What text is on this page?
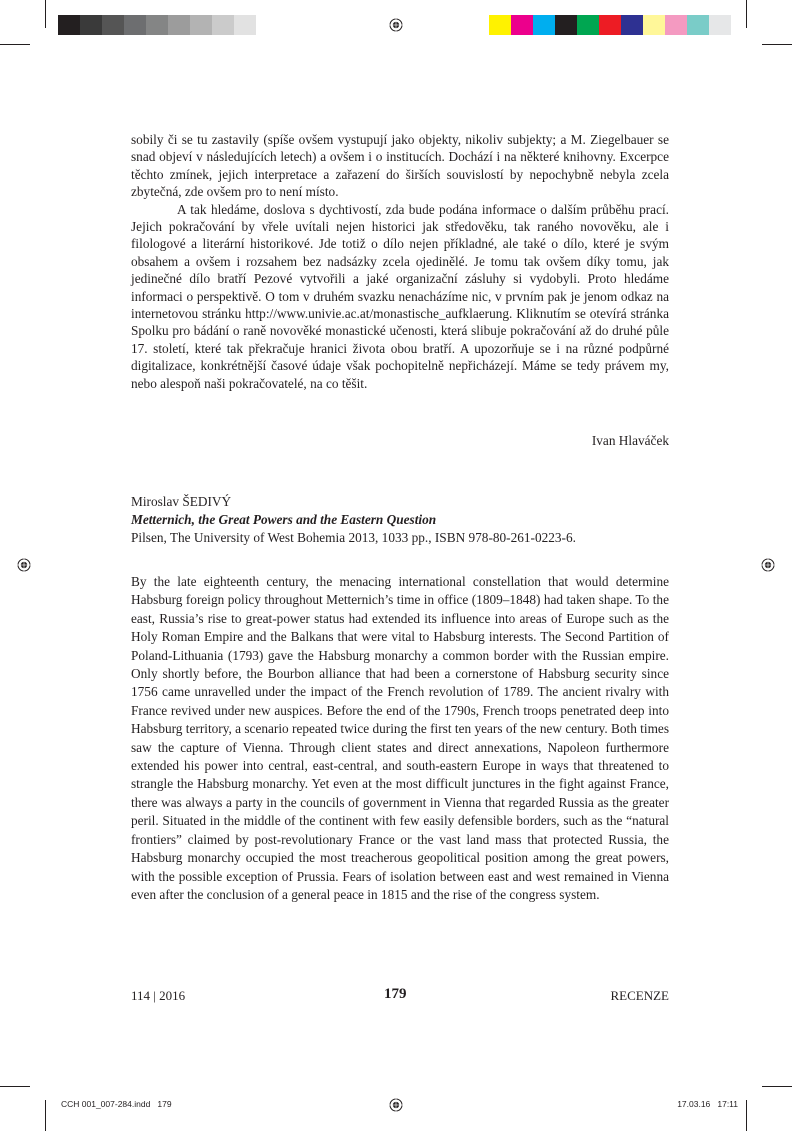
sobily či se tu zastavily (spíše ovšem vystupují jako objekty, nikoliv subjekty; a M. Ziegelbauer se snad objeví v následujících letech) a ovšem i o institucích. Dochází i na některé knihovny. Excerpce těchto zmínek, jejich interpretace a zařazení do širších souvislostí by nepochybně nebyla zcela zbytečná, zde ovšem pro to není místo.

A tak hledáme, doslova s dychtivostí, zda bude podána informace o dalším průběhu prací. Jejich pokračování by vřele uvítali nejen historici jak středověku, tak raného novověku, ale i filologové a literární historikové. Jde totiž o dílo nejen příkladné, ale také o dílo, které je svým obsahem a ovšem i rozsahem bez nadsázky zcela ojedinělé. Je tomu tak ovšem díky tomu, jak jedinečné dílo bratří Pezové vytvořili a jaké organizační zásluhy si vydobyli. Proto hledáme informaci o perspektivě. O tom v druhém svazku nenacházíme nic, v prvním pak je jenom odkaz na internetovou stránku http://www.univie.ac.at/monastische_aufklaerung. Kliknutím se otevírá stránka Spolku pro bádání o raně novověké monastické učenosti, která slibuje pokračování až do druhé půle 17. století, které tak překračuje hranici života obou bratří. A upozorňuje se i na různé podpůrné digitalizace, konkrétnější časové údaje však pochopitelně nepřicházejí. Máme se tedy právem my, nebo alespoň naši pokračovatelé, na co těšit.

Ivan Hlaváček
Miroslav ŠEDIVÝ
Metternich, the Great Powers and the Eastern Question
Pilsen, The University of West Bohemia 2013, 1033 pp., ISBN 978-80-261-0223-6.

By the late eighteenth century, the menacing international constellation that would determine Habsburg foreign policy throughout Metternich’s time in office (1809–1848) had taken shape. To the east, Russia’s rise to great-power status had extended its influence into areas of Europe such as the Holy Roman Empire and the Balkans that were vital to Habsburg interests. The Second Partition of Poland-Lithuania (1793) gave the Habsburg monarchy a common border with the Russian empire. Only shortly before, the Bourbon alliance that had been a cornerstone of Habsburg security since 1756 came unravelled under the impact of the French revolution of 1789. The ancient rivalry with France revived under new auspices. Before the end of the 1790s, French troops penetrated deep into Habsburg territory, a scenario repeated twice during the first ten years of the new century. Both times saw the capture of Vienna. Through client states and direct annexations, Napoleon furthermore extended his power into central, east-central, and south-eastern Europe in ways that threatened to strangle the Habsburg monarchy. Yet even at the most difficult junctures in the fight against France, there was always a party in the councils of government in Vienna that regarded Russia as the greater peril. Situated in the middle of the continent with few easily defensible borders, such as the “natural frontiers” claimed by post-revolutionary France or the vast land mass that protected Russia, the Habsburg monarchy occupied the most treacherous geopolitical position among the great powers, with the possible exception of Prussia. Fears of isolation between east and west remained in Vienna even after the conclusion of a general peace in 1815 and the rise of the congress system.

114 | 2016	179	RECENZE
CCH 001_007-284.indd   179	17.03.16   17:11
